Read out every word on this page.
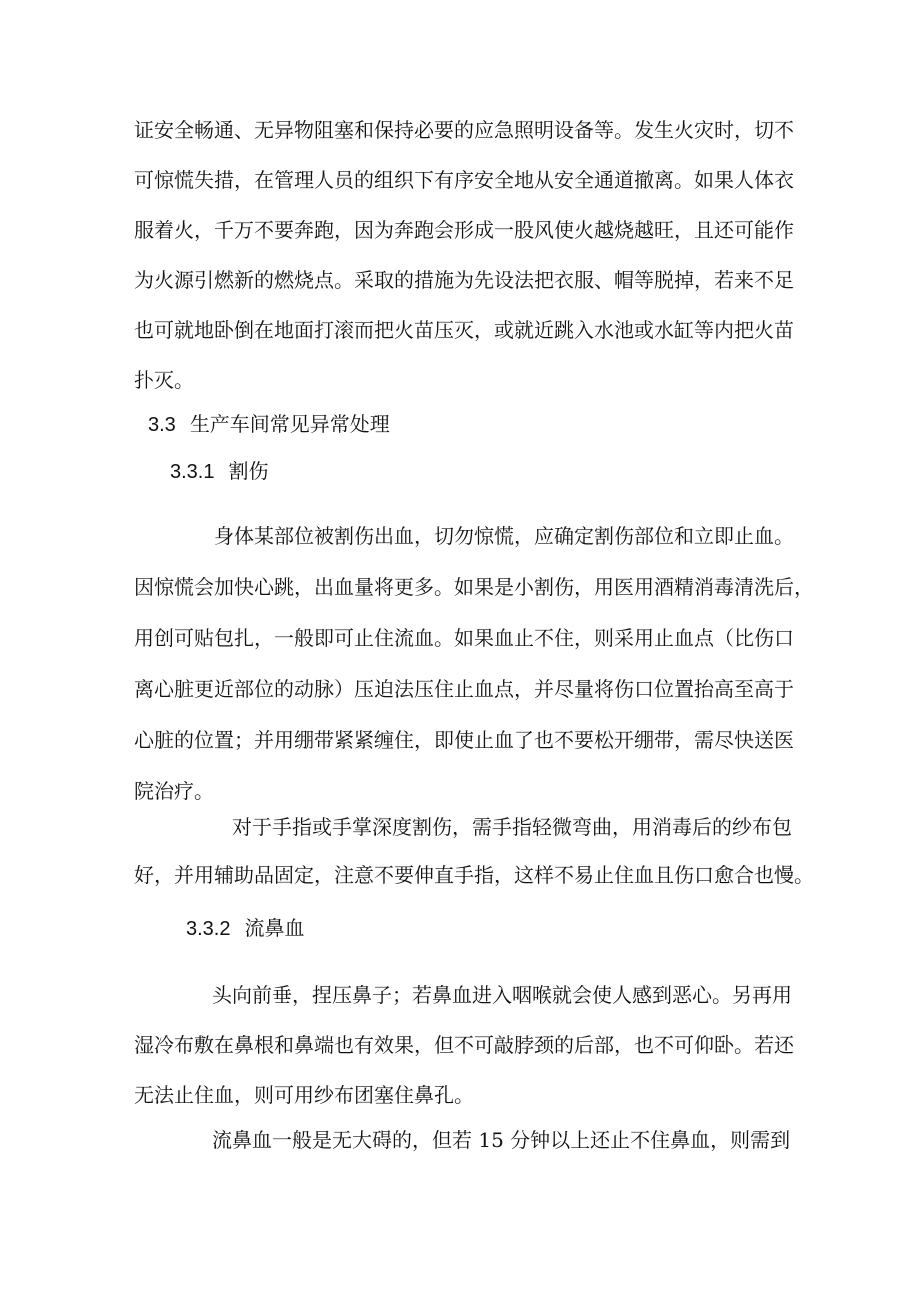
证安全畅通、无异物阻塞和保持必要的应急照明设备等。发生火灾时，切不

可惊慌失措，在管理人员的组织下有序安全地从安全通道撤离。如果人体衣

服着火，千万不要奔跑，因为奔跑会形成一股风使火越烧越旺，且还可能作

为火源引燃新的燃烧点。采取的措施为先设法把衣服、帽等脱掉，若来不足

也可就地卧倒在地面打滚而把火苗压灭，或就近跳入水池或水缸等内把火苗

扑灭。

3.3 生产车间常见异常处理
3.3.1 割伤

身体某部位被割伤出血，切勿惊慌，应确定割伤部位和立即止血。

因惊慌会加快心跳，出血量将更多。如果是小割伤，用医用酒精消毒清洗后，

用创可贴包扎，一般即可止住流血。如果血止不住，则采用止血点（比伤口

离心脏更近部位的动脉）压迫法压住止血点，并尽量将伤口位置抬高至高于

心脏的位置；并用绷带紧紧缠住，即使止血了也不要松开绷带，需尽快送医

院治疗。

对于手指或手掌深度割伤，需手指轻微弯曲，用消毒后的纱布包

好，并用辅助品固定，注意不要伸直手指，这样不易止住血且伤口愈合也慢。

3.3.2 流鼻血

头向前垂，捏压鼻子；若鼻血进入咽喉就会使人感到恶心。另再用

湿冷布敷在鼻根和鼻端也有效果，但不可敲脖颈的后部，也不可仰卧。若还

无法止住血，则可用纱布团塞住鼻孔。

流鼻血一般是无大碍的，但若 15 分钟以上还止不住鼻血，则需到
